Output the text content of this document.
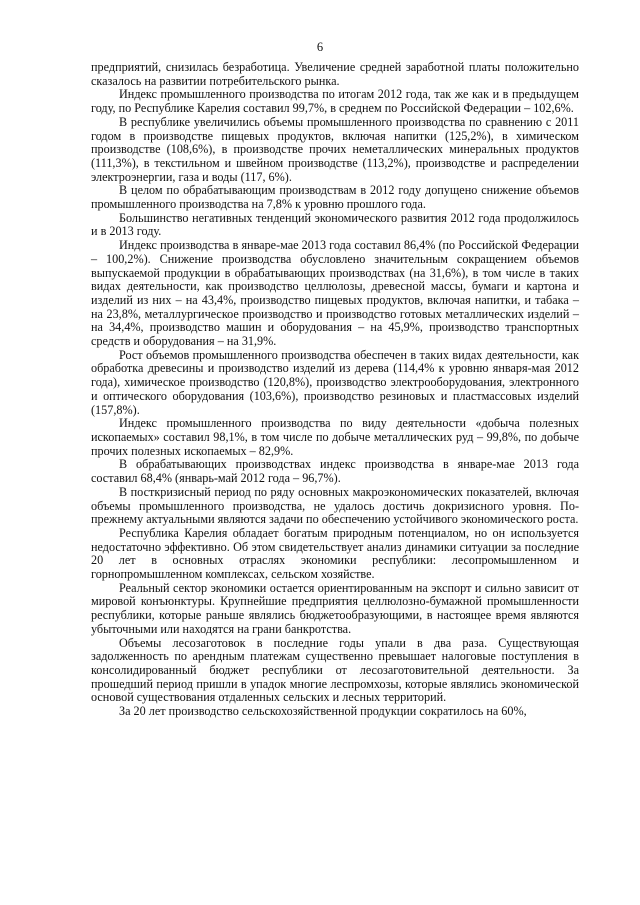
6

предприятий, снизилась безработица. Увеличение средней заработной платы положительно сказалось на развитии потребительского рынка.

Индекс промышленного производства по итогам 2012 года, так же как и в предыдущем году, по Республике Карелия составил 99,7%, в среднем по Российской Федерации – 102,6%.

В республике увеличились объемы промышленного производства по сравнению с 2011 годом в производстве пищевых продуктов, включая напитки (125,2%), в химическом производстве (108,6%), в производстве прочих неметаллических минеральных продуктов (111,3%), в текстильном и швейном производстве (113,2%), производстве и распределении электроэнергии, газа и воды (117, 6%).

В целом по обрабатывающим производствам в 2012 году допущено снижение объемов промышленного производства на 7,8% к уровню прошлого года.

Большинство негативных тенденций экономического развития 2012 года продолжилось и в 2013 году.

Индекс производства в январе-мае 2013 года составил 86,4% (по Российской Федерации – 100,2%). Снижение производства обусловлено значительным сокращением объемов выпускаемой продукции в обрабатывающих производствах (на 31,6%), в том числе в таких видах деятельности, как производство целлюлозы, древесной массы, бумаги и картона и изделий из них – на 43,4%, производство пищевых продуктов, включая напитки, и табака – на 23,8%, металлургическое производство и производство готовых металлических изделий – на 34,4%, производство машин и оборудования – на 45,9%, производство транспортных средств и оборудования – на 31,9%.

Рост объемов промышленного производства обеспечен в таких видах деятельности, как обработка древесины и производство изделий из дерева (114,4% к уровню января-мая 2012 года), химическое производство (120,8%), производство электрооборудования, электронного и оптического оборудования (103,6%), производство резиновых и пластмассовых изделий (157,8%).

Индекс промышленного производства по виду деятельности «добыча полезных ископаемых» составил 98,1%, в том числе по добыче металлических руд – 99,8%, по добыче прочих полезных ископаемых – 82,9%.

В обрабатывающих производствах индекс производства в январе-мае 2013 года составил 68,4% (январь-май 2012 года – 96,7%).

В посткризисный период по ряду основных макроэкономических показателей, включая объемы промышленного производства, не удалось достичь докризисного уровня. По-прежнему актуальными являются задачи по обеспечению устойчивого экономического роста.

Республика Карелия обладает богатым природным потенциалом, но он используется недостаточно эффективно. Об этом свидетельствует анализ динамики ситуации за последние 20 лет в основных отраслях экономики республики: лесопромышленном и горнопромышленном комплексах, сельском хозяйстве.

Реальный сектор экономики остается ориентированным на экспорт и сильно зависит от мировой конъюнктуры. Крупнейшие предприятия целлюлозно-бумажной промышленности республики, которые раньше являлись бюджетообразующими, в настоящее время являются убыточными или находятся на грани банкротства.

Объемы лесозаготовок в последние годы упали в два раза. Существующая задолженность по арендным платежам существенно превышает налоговые поступления в консолидированный бюджет республики от лесозаготовительной деятельности. За прошедший период пришли в упадок многие леспромхозы, которые являлись экономической основой существования отдаленных сельских и лесных территорий.

За 20 лет производство сельскохозяйственной продукции сократилось на 60%,
